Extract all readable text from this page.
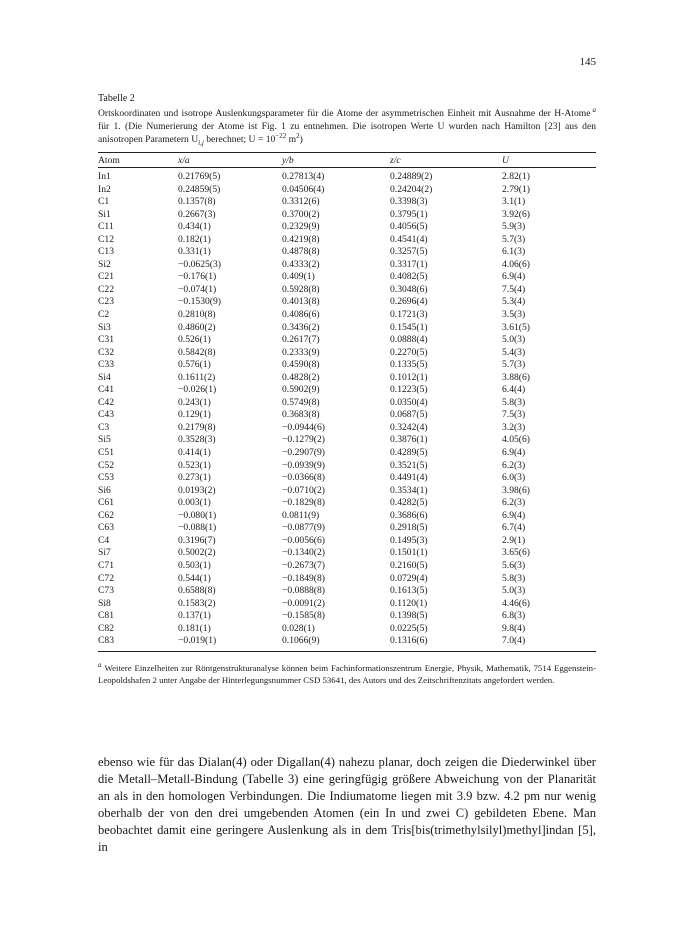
145
Tabelle 2
Ortskoordinaten und isotrope Auslenkungsparameter für die Atome der asymmetrischen Einheit mit Ausnahme der H-Atome $^a$ für 1. (Die Numerierung der Atome ist Fig. 1 zu entnehmen. Die isotropen Werte U wurden nach Hamilton [23] aus den anisotropen Parametern $U_{i,j}$ berechnet; $U = 10^{-22}$ $m^2$)
Atom	x/a	y/b	z/c	U
In1	0.21769(5)	0.27813(4)	0.24889(2)	2.82(1)
In2	0.24859(5)	0.04506(4)	0.24204(2)	2.79(1)
C1	0.1357(8)	0.3312(6)	0.3398(3)	3.1(1)
Si1	0.2667(3)	0.3700(2)	0.3795(1)	3.92(6)
C11	0.434(1)	0.2329(9)	0.4056(5)	5.9(3)
C12	0.182(1)	0.4219(8)	0.4541(4)	5.7(3)
C13	0.331(1)	0.4878(8)	0.3257(5)	6.1(3)
Si2	−0.0625(3)	0.4333(2)	0.3317(1)	4.06(6)
C21	−0.176(1)	0.409(1)	0.4082(5)	6.9(4)
C22	−0.074(1)	0.5928(8)	0.3048(6)	7.5(4)
C23	−0.1530(9)	0.4013(8)	0.2696(4)	5.3(4)
C2	0.2810(8)	0.4086(6)	0.1721(3)	3.5(3)
Si3	0.4860(2)	0.3436(2)	0.1545(1)	3.61(5)
C31	0.526(1)	0.2617(7)	0.0888(4)	5.0(3)
C32	0.5842(8)	0.2333(9)	0.2270(5)	5.4(3)
C33	0.576(1)	0.4590(8)	0.1335(5)	5.7(3)
Si4	0.1611(2)	0.4828(2)	0.1012(1)	3.88(6)
C41	−0.026(1)	0.5902(9)	0.1223(5)	6.4(4)
C42	0.243(1)	0.5749(8)	0.0350(4)	5.8(3)
C43	0.129(1)	0.3683(8)	0.0687(5)	7.5(3)
C3	0.2179(8)	−0.0944(6)	0.3242(4)	3.2(3)
Si5	0.3528(3)	−0.1279(2)	0.3876(1)	4.05(6)
C51	0.414(1)	−0.2907(9)	0.4289(5)	6.9(4)
C52	0.523(1)	−0.0939(9)	0.3521(5)	6.2(3)
C53	0.273(1)	−0.0366(8)	0.4491(4)	6.0(3)
Si6	0.0193(2)	−0.0710(2)	0.3534(1)	3.98(6)
C61	0.003(1)	−0.1829(8)	0.4282(5)	6.2(3)
C62	−0.080(1)	0.0811(9)	0.3686(6)	6.9(4)
C63	−0.088(1)	−0.0877(9)	0.2918(5)	6.7(4)
C4	0.3196(7)	−0.0056(6)	0.1495(3)	2.9(1)
Si7	0.5002(2)	−0.1340(2)	0.1501(1)	3.65(6)
C71	0.503(1)	−0.2673(7)	0.2160(5)	5.6(3)
C72	0.544(1)	−0.1849(8)	0.0729(4)	5.8(3)
C73	0.6588(8)	−0.0888(8)	0.1613(5)	5.0(3)
Si8	0.1583(2)	−0.0091(2)	0.1120(1)	4.46(6)
C81	0.137(1)	−0.1585(8)	0.1398(5)	6.8(3)
C82	0.181(1)	0.028(1)	0.0225(5)	9.8(4)
C83	−0.019(1)	0.1066(9)	0.1316(6)	7.0(4)
$^a$ Weitere Einzelheiten zur Röntgenstrukturanalyse können beim Fachinformationszentrum Energie, Physik, Mathematik, 7514 Eggenstein-Leopoldshafen 2 unter Angabe der Hinterlegungsnummer CSD 53641, des Autors und des Zeitschriftenzitats angefordert werden.
ebenso wie für das Dialan(4) oder Digallan(4) nahezu planar, doch zeigen die Diederwinkel über die Metall–Metall-Bindung (Tabelle 3) eine geringfügig größere Abweichung von der Planarität an als in den homologen Verbindungen. Die Indiumatome liegen mit 3.9 bzw. 4.2 pm nur wenig oberhalb der von den drei umgebenden Atomen (ein In und zwei C) gebildeten Ebene. Man beobachtet damit eine geringere Auslenkung als in dem Tris[bis(trimethylsilyl)methyl]indan [5], in
